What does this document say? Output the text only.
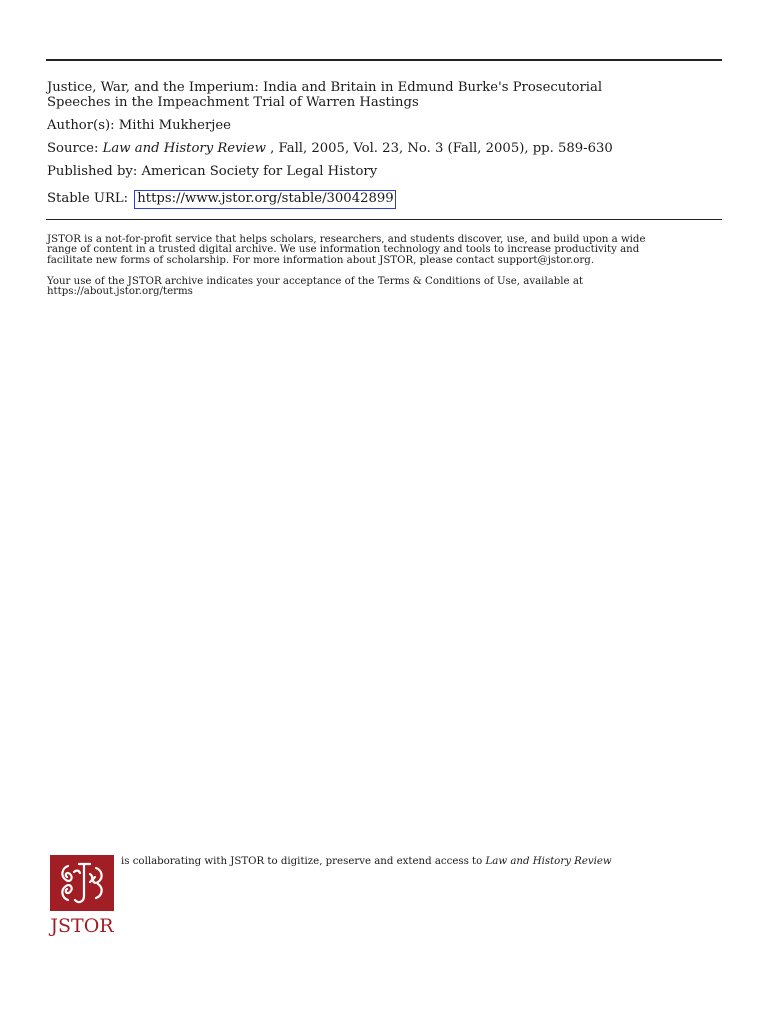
Justice, War, and the Imperium: India and Britain in Edmund Burke's Prosecutorial
Speeches in the Impeachment Trial of Warren Hastings
Author(s): Mithi Mukherjee
Source: Law and History Review , Fall, 2005, Vol. 23, No. 3 (Fall, 2005), pp. 589-630
Published by: American Society for Legal History
Stable URL: https://www.jstor.org/stable/30042899
JSTOR is a not-for-profit service that helps scholars, researchers, and students discover, use, and build upon a wide
range of content in a trusted digital archive. We use information technology and tools to increase productivity and
facilitate new forms of scholarship. For more information about JSTOR, please contact support@jstor.org.
Your use of the JSTOR archive indicates your acceptance of the Terms & Conditions of Use, available at
https://about.jstor.org/terms
JSTOR
is collaborating with JSTOR to digitize, preserve and extend access to Law and History Review
